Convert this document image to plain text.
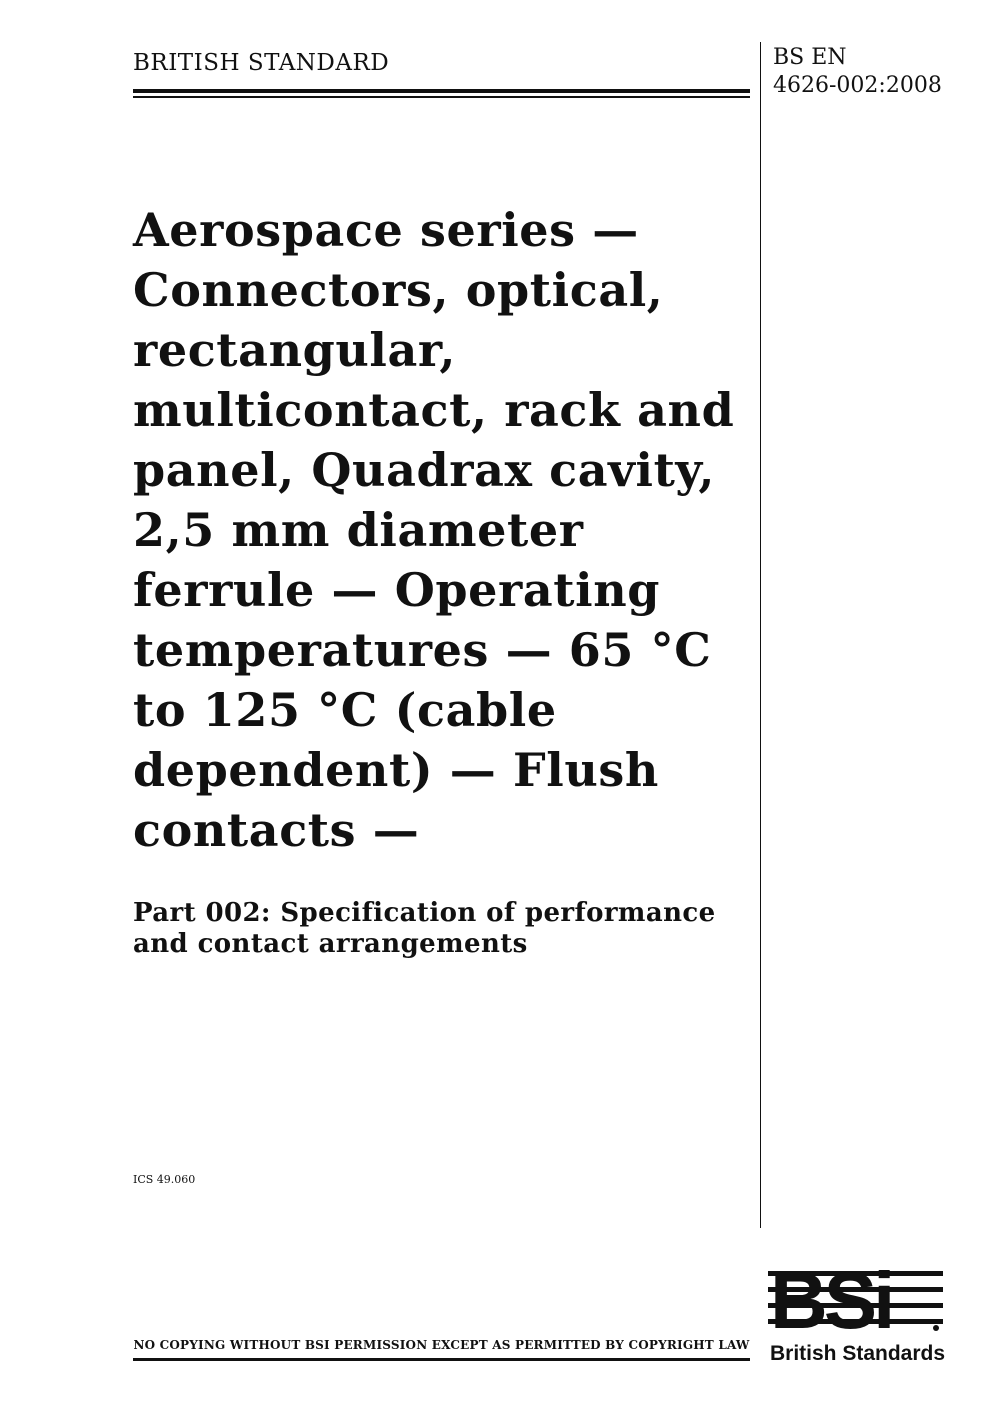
BRITISH STANDARD	BS EN
4626-002:2008
Aerospace series — Connectors, optical, rectangular, multicontact, rack and panel, Quadrax cavity, 2,5 mm diameter ferrule — Operating temperatures — 65 °C to 125 °C (cable dependent) — Flush contacts —
Part 002: Specification of performance and contact arrangements
ICS 49.060
NO COPYING WITHOUT BSI PERMISSION EXCEPT AS PERMITTED BY COPYRIGHT LAW BSi
British Standards
